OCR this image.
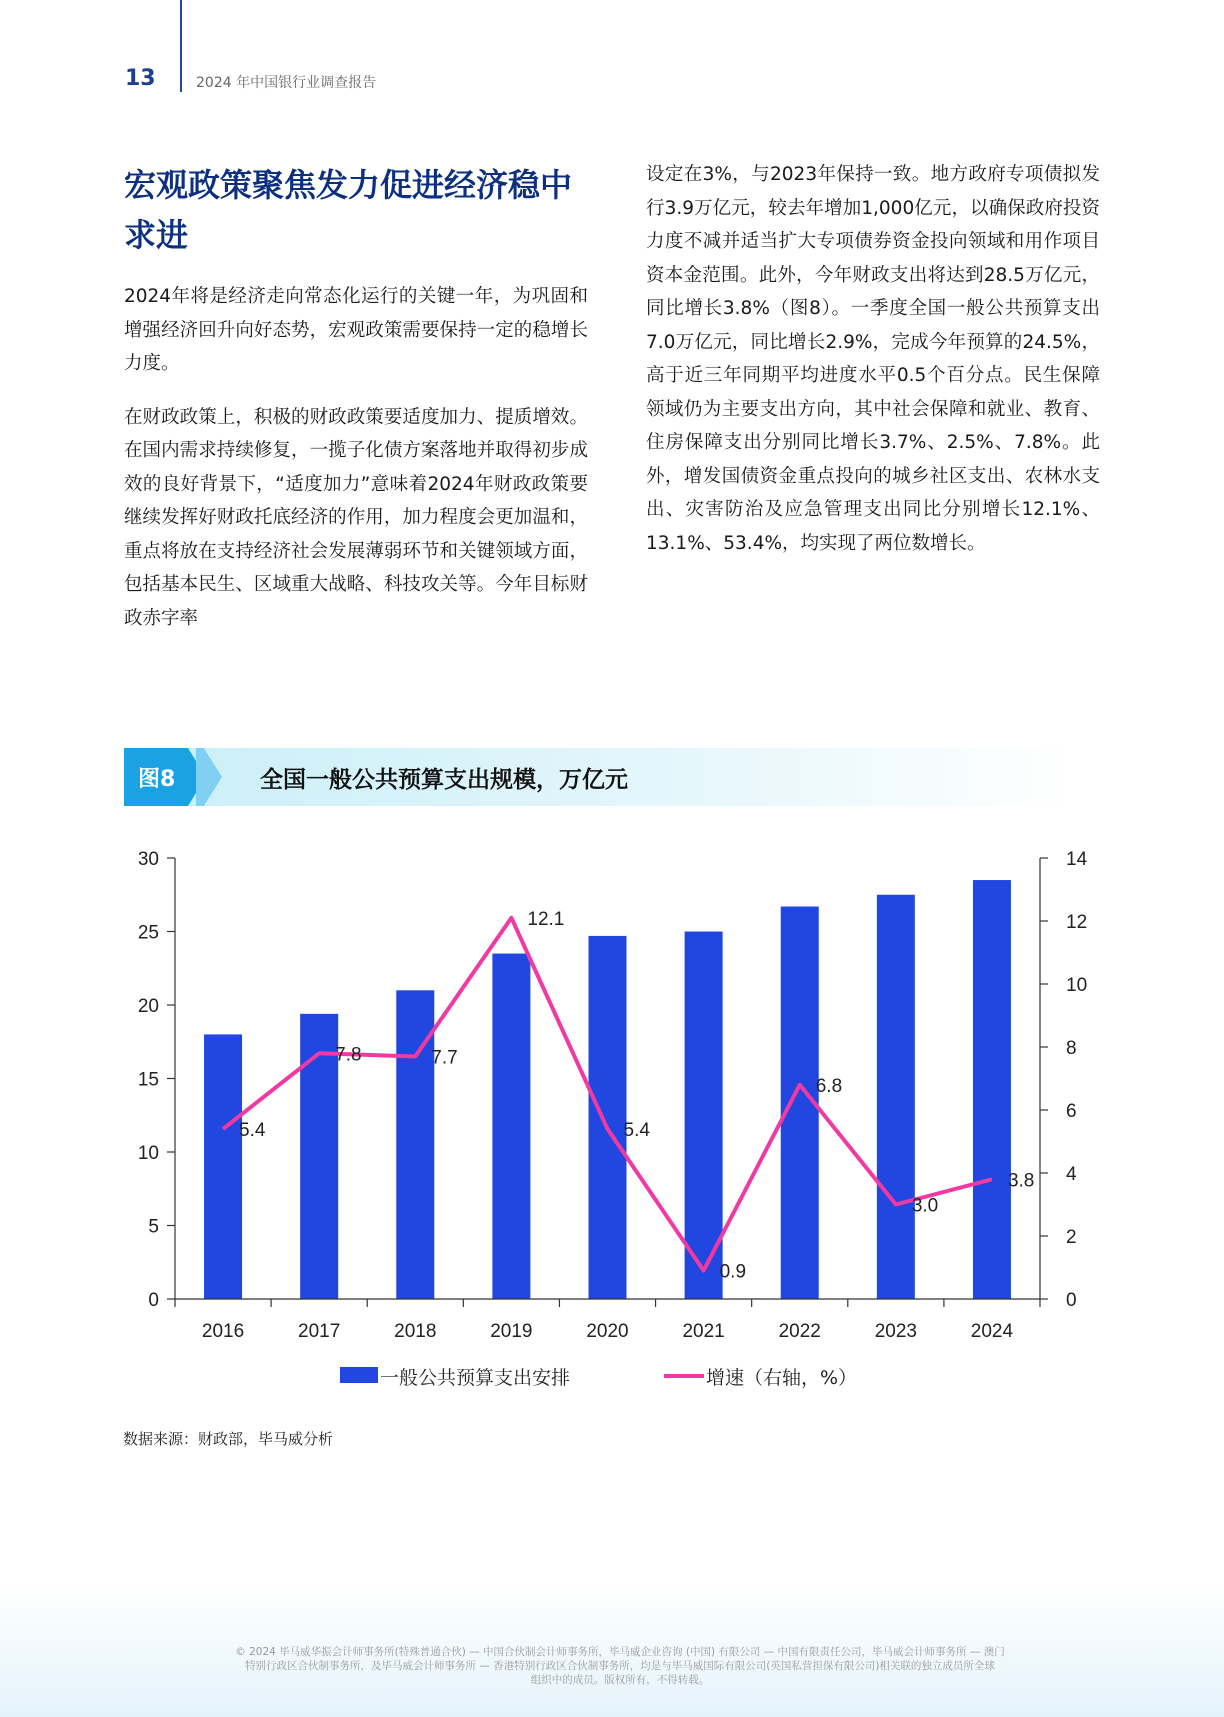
13	2024 年中国银行业调查报告
宏观政策聚焦发力促进经济稳中求进

2024年将是经济走向常态化运行的关键一年，为巩固和增强经济回升向好态势，宏观政策需要保持一定的稳增长力度。

在财政政策上，积极的财政政策要适度加力、提质增效。在国内需求持续修复，一揽子化债方案落地并取得初步成效的良好背景下，“适度加力”意味着2024年财政政策要继续发挥好财政托底经济的作用，加力程度会更加温和，重点将放在支持经济社会发展薄弱环节和关键领域方面，包括基本民生、区域重大战略、科技攻关等。今年目标财政赤字率

设定在3%，与2023年保持一致。地方政府专项债拟发行3.9万亿元，较去年增加1,000亿元，以确保政府投资力度不减并适当扩大专项债券资金投向领域和用作项目资本金范围。此外，今年财政支出将达到28.5万亿元，同比增长3.8%（图8）。一季度全国一般公共预算支出7.0万亿元，同比增长2.9%，完成今年预算的24.5%，高于近三年同期平均进度水平0.5个百分点。民生保障领域仍为主要支出方向，其中社会保障和就业、教育、住房保障支出分别同比增长3.7%、2.5%、7.8%。此外，增发国债资金重点投向的城乡社区支出、农林水支出、灾害防治及应急管理支出同比分别增长12.1%、13.1%、53.4%，均实现了两位数增长。

图8	全国一般公共预算支出规模，万亿元
0
5
10
15
20
25
30
0
2
4
6
8
10
12
14
2016	2017	2018	2019	2020	2021	2022	2023	2024
5.4
7.8	7.7
12.1
5.4
0.9
6.8
3.0
3.8
一般公共预算支出安排	增速（右轴，%）
数据来源：财政部，毕马威分析
© 2024 毕马威华振会计师事务所(特殊普通合伙) — 中国合伙制会计师事务所，毕马威企业咨询 (中国) 有限公司 — 中国有限责任公司，毕马威会计师事务所 — 澳门
特别行政区合伙制事务所，及毕马威会计师事务所 — 香港特别行政区合伙制事务所，均是与毕马威国际有限公司(英国私营担保有限公司)相关联的独立成员所全球
组织中的成员。版权所有，不得转载。
